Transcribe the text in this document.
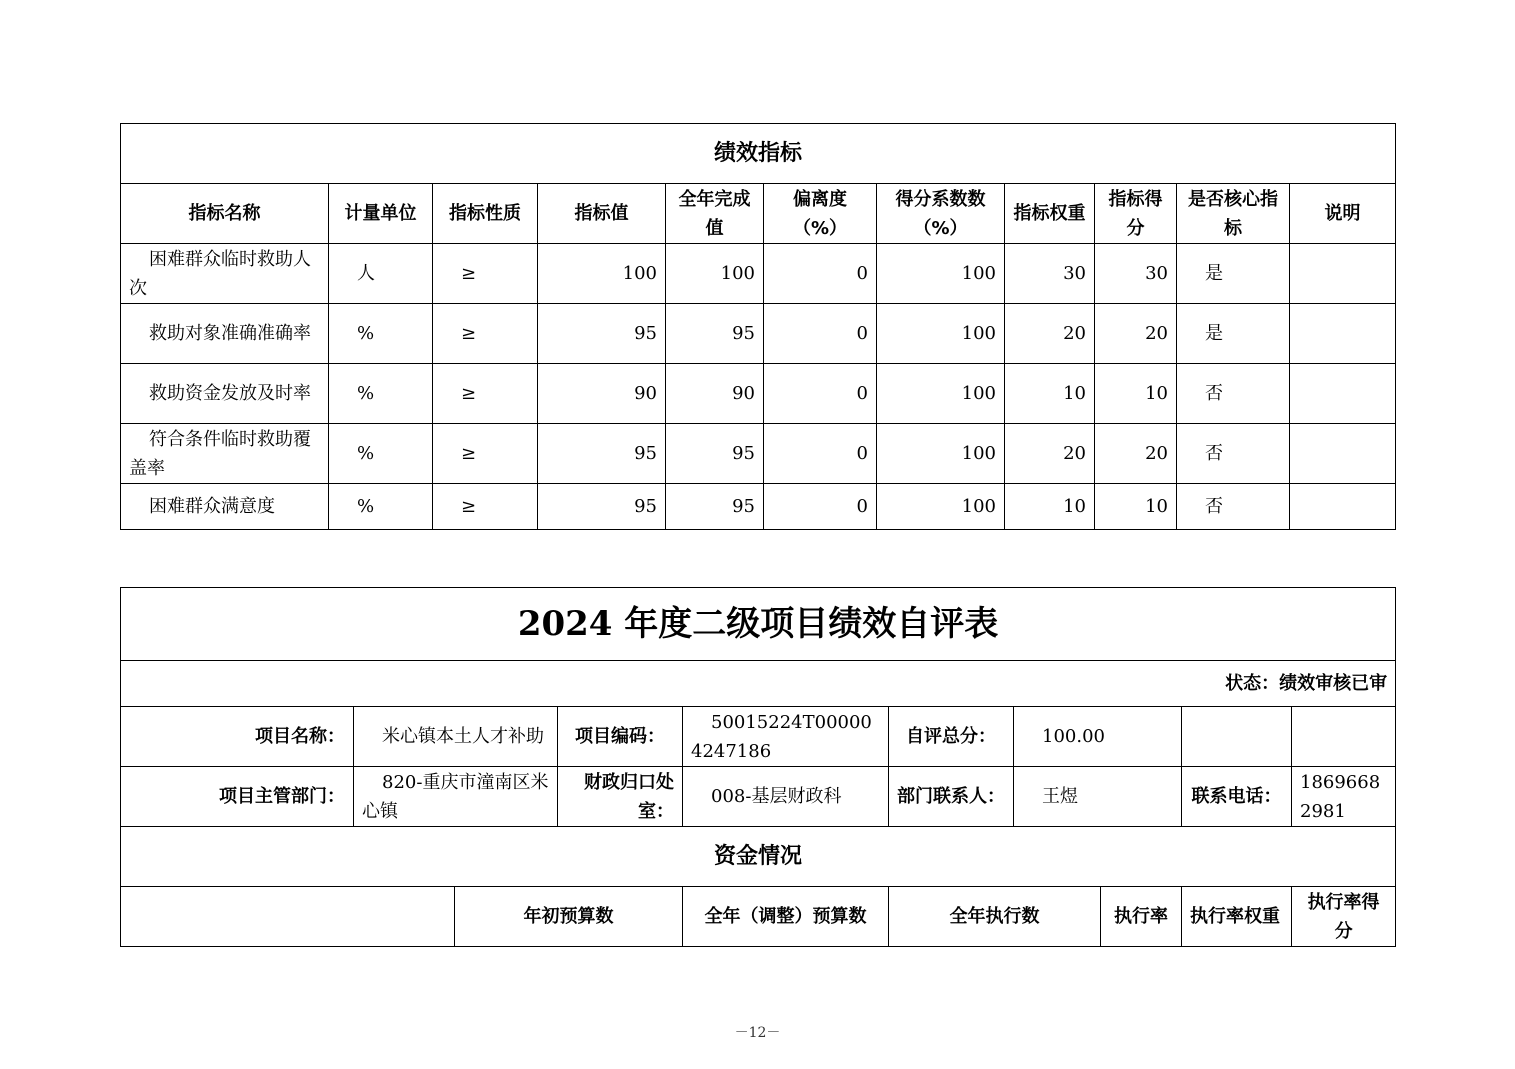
绩效指标										
指标名称	计量单位	指标性质	指标值	全年完成值	偏离度（%）	得分系数数（%）	指标权重	指标得分	是否核心指标	说明
困难群众临时救助人次	人	≥	100	100	0	100	30	30	是	
救助对象准确准确率	%	≥	95	95	0	100	20	20	是	
救助资金发放及时率	%	≥	90	90	0	100	10	10	否	
符合条件临时救助覆盖率	%	≥	95	95	0	100	20	20	否	
困难群众满意度	%	≥	95	95	0	100	10	10	否	
2024 年度二级项目绩效自评表									
状态：绩效审核已审									
项目名称：	米心镇本土人才补助		项目编码：	50015224T000004247186	自评总分：	100.00			
项目主管部门：	820-重庆市潼南区米心镇		财政归口处室：	008-基层财政科	部门联系人：	王煜		联系电话：	18696682981
资金情况									
		年初预算数		全年（调整）预算数	全年执行数		执行率	执行率权重	执行率得分
－12－
